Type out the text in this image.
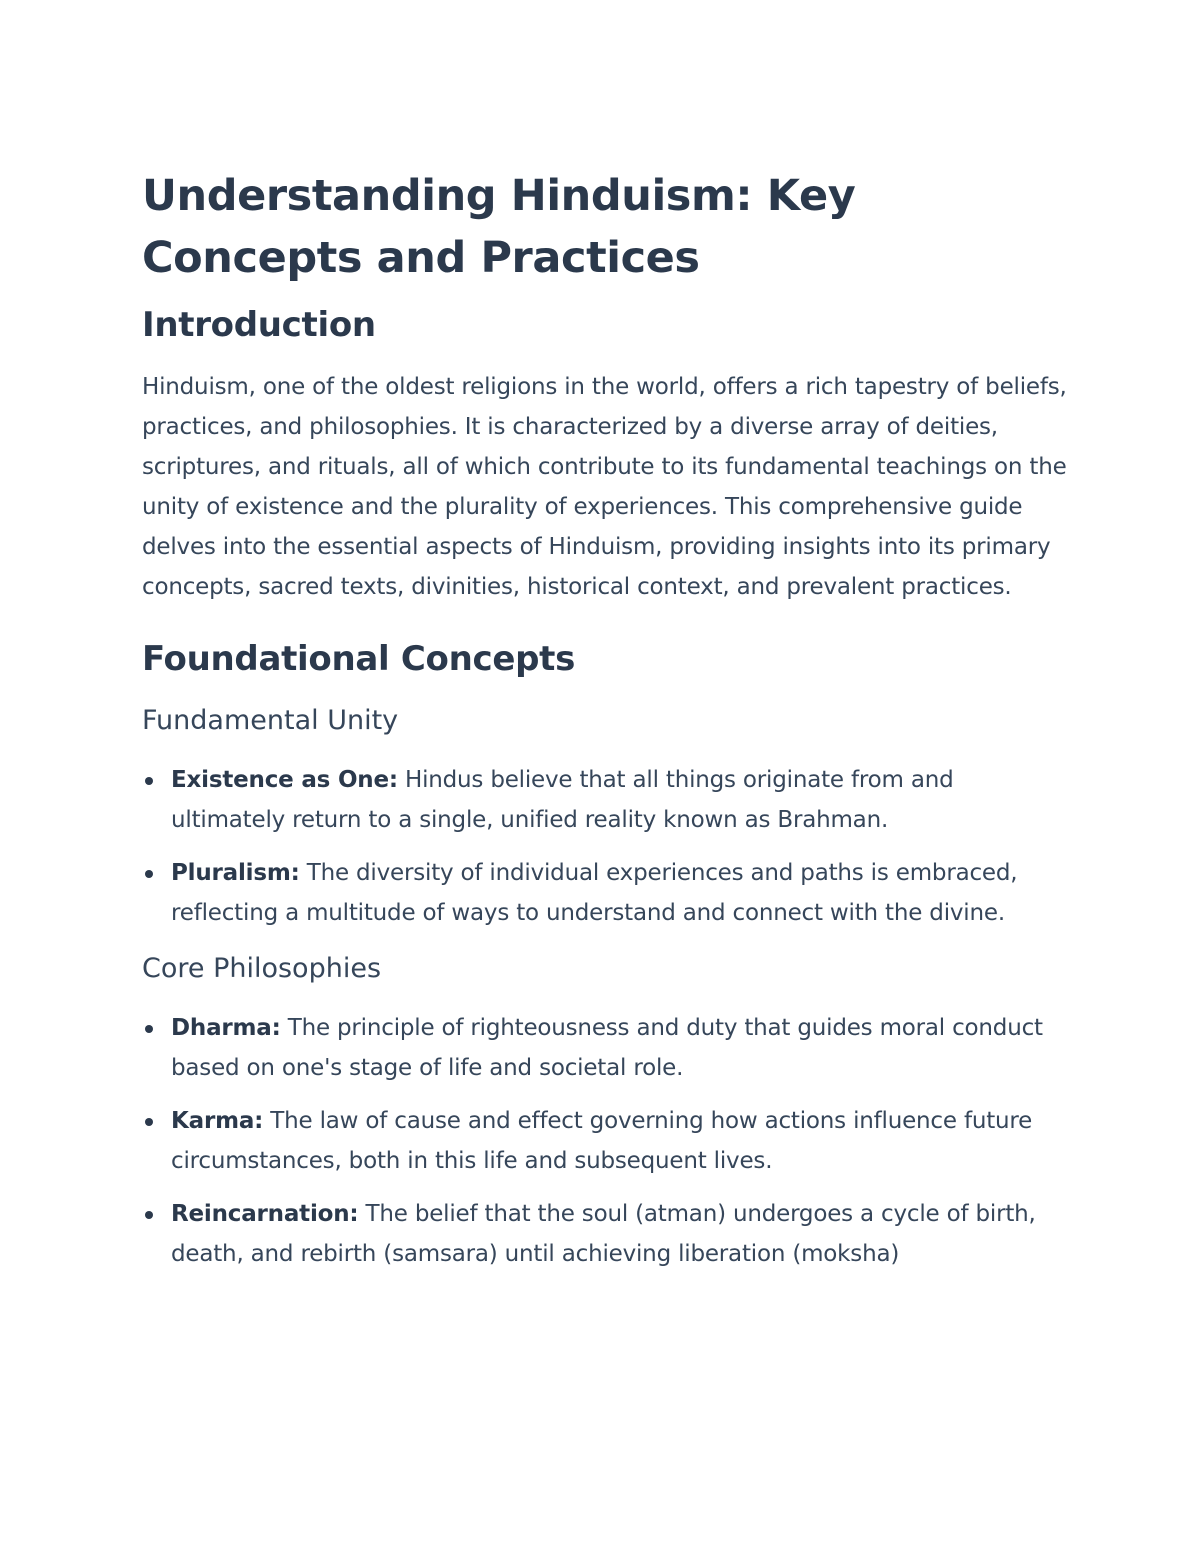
Understanding Hinduism: Key Concepts and Practices
Introduction

Hinduism, one of the oldest religions in the world, offers a rich tapestry of beliefs, practices, and philosophies. It is characterized by a diverse array of deities, scriptures, and rituals, all of which contribute to its fundamental teachings on the unity of existence and the plurality of experiences. This comprehensive guide delves into the essential aspects of Hinduism, providing insights into its primary concepts, sacred texts, divinities, historical context, and prevalent practices.

Foundational Concepts
Fundamental Unity
Existence as One: Hindus believe that all things originate from and ultimately return to a single, unified reality known as Brahman.
Pluralism: The diversity of individual experiences and paths is embraced, reflecting a multitude of ways to understand and connect with the divine.
Core Philosophies
Dharma: The principle of righteousness and duty that guides moral conduct based on one's stage of life and societal role.
Karma: The law of cause and effect governing how actions influence future circumstances, both in this life and subsequent lives.
Reincarnation: The belief that the soul (atman) undergoes a cycle of birth, death, and rebirth (samsara) until achieving liberation (moksha)
